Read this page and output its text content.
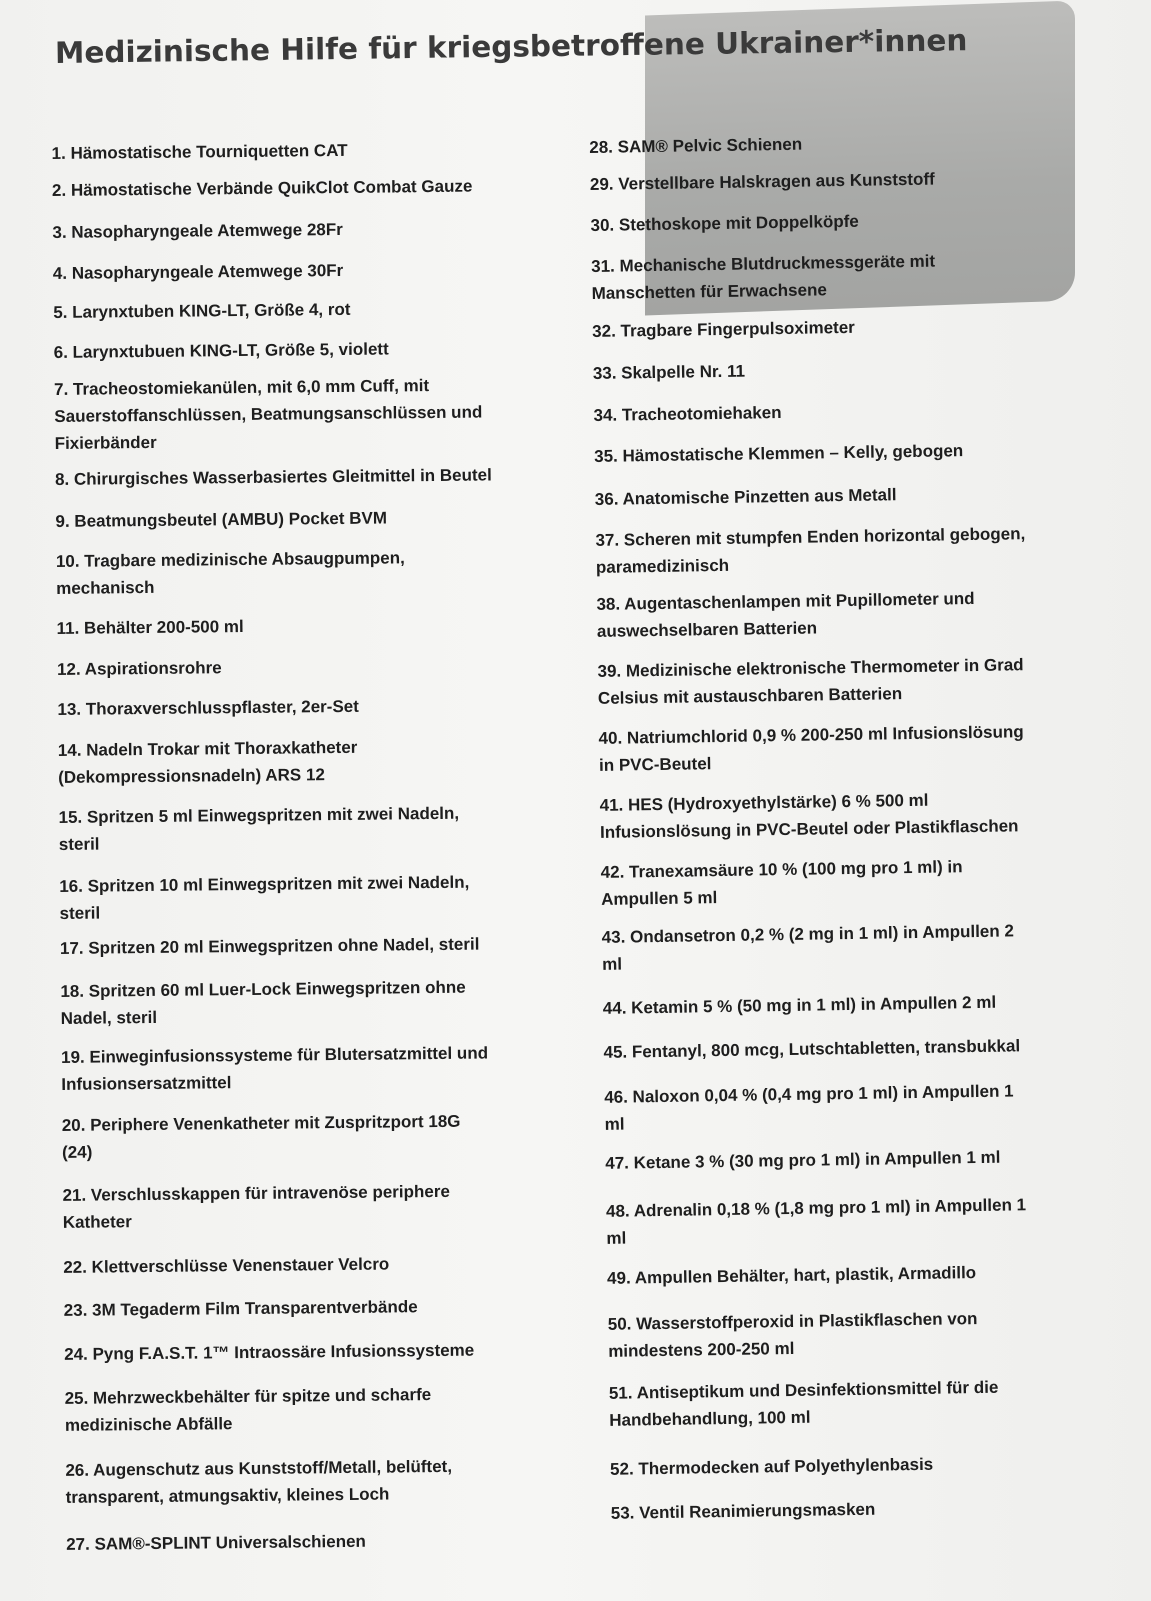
Medizinische Hilfe für kriegsbetroffene Ukrainer*innen
1. Hämostatische Tourniquetten CAT
2. Hämostatische Verbände QuikClot Combat Gauze
3. Nasopharyngeale Atemwege 28Fr
4. Nasopharyngeale Atemwege 30Fr
5. Larynxtuben KING-LT, Größe 4, rot
6. Larynxtubuen KING-LT, Größe 5, violett
7. Tracheostomiekanülen, mit 6,0 mm Cuff, mit
Sauerstoffanschlüssen, Beatmungsanschlüssen und
Fixierbänder
8. Chirurgisches Wasserbasiertes Gleitmittel in Beutel
9. Beatmungsbeutel (AMBU) Pocket BVM
10. Tragbare medizinische Absaugpumpen,
mechanisch
11. Behälter 200-500 ml
12. Aspirationsrohre
13. Thoraxverschlusspflaster, 2er-Set
14. Nadeln Trokar mit Thoraxkatheter
(Dekompressionsnadeln) ARS 12
15. Spritzen 5 ml Einwegspritzen mit zwei Nadeln,
steril
16. Spritzen 10 ml Einwegspritzen mit zwei Nadeln,
steril
17. Spritzen 20 ml Einwegspritzen ohne Nadel, steril
18. Spritzen 60 ml Luer-Lock Einwegspritzen ohne
Nadel, steril
19. Einweginfusionssysteme für Blutersatzmittel und
Infusionsersatzmittel
20. Periphere Venenkatheter mit Zuspritzport 18G
(24)
21. Verschlusskappen für intravenöse periphere
Katheter
22. Klettverschlüsse Venenstauer Velcro
23. 3M Tegaderm Film Transparentverbände
24. Pyng F.A.S.T. 1™ Intraossäre Infusionssysteme
25. Mehrzweckbehälter für spitze und scharfe
medizinische Abfälle
26. Augenschutz aus Kunststoff/Metall, belüftet,
transparent, atmungsaktiv, kleines Loch
27. SAM®-SPLINT Universalschienen
28. SAM® Pelvic Schienen
29. Verstellbare Halskragen aus Kunststoff
30. Stethoskope mit Doppelköpfe
31. Mechanische Blutdruckmessgeräte mit
Manschetten für Erwachsene
32. Tragbare Fingerpulsoximeter
33. Skalpelle Nr. 11
34. Tracheotomiehaken
35. Hämostatische Klemmen – Kelly, gebogen
36. Anatomische Pinzetten aus Metall
37. Scheren mit stumpfen Enden horizontal gebogen,
paramedizinisch
38. Augentaschenlampen mit Pupillometer und
auswechselbaren Batterien
39. Medizinische elektronische Thermometer in Grad
Celsius mit austauschbaren Batterien
40. Natriumchlorid 0,9 % 200-250 ml Infusionslösung
in PVC-Beutel
41. HES (Hydroxyethylstärke) 6 % 500 ml
Infusionslösung in PVC-Beutel oder Plastikflaschen
42. Tranexamsäure 10 % (100 mg pro 1 ml) in
Ampullen 5 ml
43. Ondansetron 0,2 % (2 mg in 1 ml) in Ampullen 2
ml
44. Ketamin 5 % (50 mg in 1 ml) in Ampullen 2 ml
45. Fentanyl, 800 mcg, Lutschtabletten, transbukkal
46. Naloxon 0,04 % (0,4 mg pro 1 ml) in Ampullen 1
ml
47. Ketane 3 % (30 mg pro 1 ml) in Ampullen 1 ml
48. Adrenalin 0,18 % (1,8 mg pro 1 ml) in Ampullen 1
ml
49. Ampullen Behälter, hart, plastik, Armadillo
50. Wasserstoffperoxid in Plastikflaschen von
mindestens 200-250 ml
51. Antiseptikum und Desinfektionsmittel für die
Handbehandlung, 100 ml
52. Thermodecken auf Polyethylenbasis
53. Ventil Reanimierungsmasken
